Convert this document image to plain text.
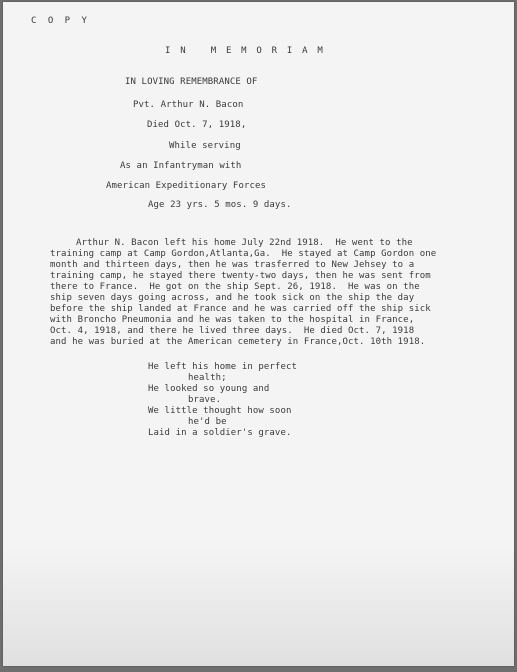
C O P Y
I N   M E M O R I A M
IN LOVING REMEMBRANCE OF
Pvt. Arthur N. Bacon
Died Oct. 7, 1918,
While serving
As an Infantryman with
American Expeditionary Forces
Age 23 yrs. 5 mos. 9 days.

Arthur N. Bacon left his home July 22nd 1918.  He went to the
training camp at Camp Gordon,Atlanta,Ga.  He stayed at Camp Gordon one
month and thirteen days, then he was trasferred to New Jehsey to a
training camp, he stayed there twenty-two days, then he was sent from
there to France.  He got on the ship Sept. 26, 1918.  He was on the
ship seven days going across, and he took sick on the ship the day
before the ship landed at France and he was carried off the ship sick
with Broncho Pneumonia and he was taken to the hospital in France,
Oct. 4, 1918, and there he lived three days.  He died Oct. 7, 1918
and he was buried at the American cemetery in France,Oct. 10th 1918.
He left his home in perfect
health;
He looked so young and
brave.
We little thought how soon
he'd be
Laid in a soldier's grave.
